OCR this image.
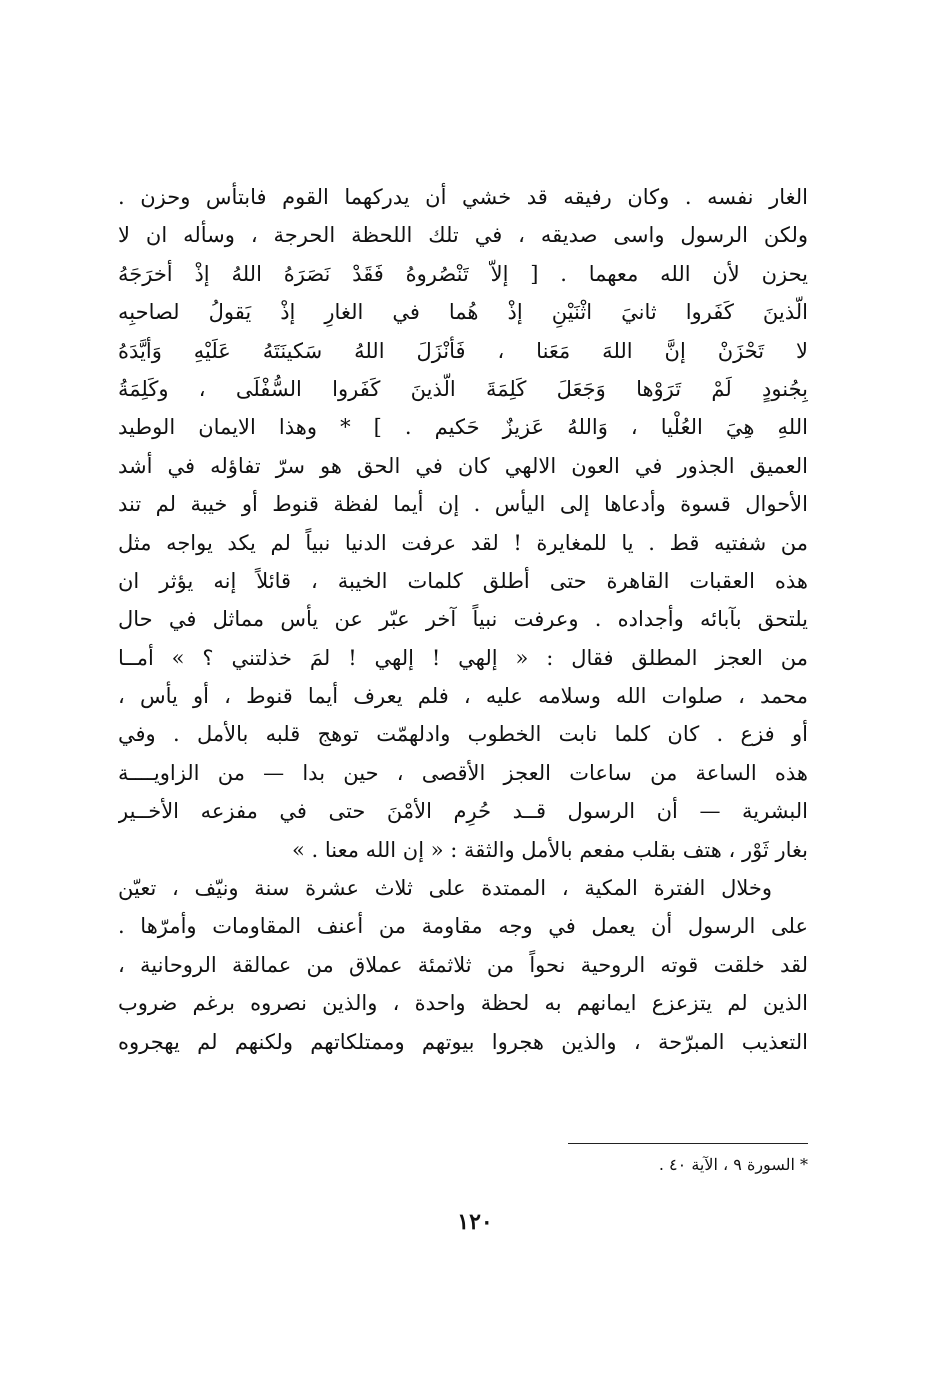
الغار نفسه . وكان رفيقه قد خشي أن يدركهما القوم فابتأس وحزن .
ولكن الرسول واسى صديقه ، في تلك اللحظة الحرجة ، وسأله ان لا
يحزن لأن الله معهما . [ إلاّ تَنْصُروهُ فَقَدْ نَصَرَهُ اللهُ إذْ أخرَجَهُ
الّذينَ كَفَروا ثانيَ اثْنَيْنِ إذْ هُما في الغارِ إذْ يَقولُ لصاحبِه
لا تَحْزَنْ إنَّ اللهَ مَعَنا ، فَأنْزَلَ اللهُ سَكينَتَهُ عَلَيْهِ وَأيَّدَهُ
بِجُنودٍ لَمْ تَرَوْها وَجَعَلَ كَلِمَةَ الّذينَ كَفَروا السُّفْلَى ، وكَلِمَةُ
اللهِ هِيَ العُلْيا ، وَاللهُ عَزيزٌ حَكيم . ] * وهذا الايمان الوطيد
العميق الجذور في العون الالهي كان في الحق هو سرّ تفاؤله في أشد
الأحوال قسوة وأدعاها إلى اليأس . إن أيما لفظة قنوط أو خيبة لم تند
من شفتيه قط . يا للمغايرة ! لقد عرفت الدنيا نبياً لم يكد يواجه مثل
هذه العقبات القاهرة حتى أطلق كلمات الخيبة ، قائلاً إنه يؤثر ان
يلتحق بآبائه وأجداده . وعرفت نبياً آخر عبّر عن يأس مماثل في حال
من العجز المطلق فقال : « إلهي ! إلهي ! لمَ خذلتني ؟ » أمــا
محمد ، صلوات الله وسلامه عليه ، فلم يعرف أيما قنوط ، أو يأس ،
أو فزع . كان كلما نابت الخطوب وادلهمّت توهج قلبه بالأمل . وفي
هذه الساعة من ساعات العجز الأقصى ، حين بدا — من الزاويــــة
البشرية — أن الرسول قــد حُرِم الأمْنَ حتى في مفزعه الأخــير
بغار ثَوْر ، هتف بقلب مفعم بالأمل والثقة : « إن الله معنا . »
وخلال الفترة المكية ، الممتدة على ثلاث عشرة سنة ونيّف ، تعيّن
على الرسول أن يعمل في وجه مقاومة من أعنف المقاومات وأمرّها .
لقد خلقت قوته الروحية نحواً من ثلاثمئة عملاق من عمالقة الروحانية ،
الذين لم يتزعزع ايمانهم به لحظة واحدة ، والذين نصروه برغم ضروب
التعذيب المبرّحة ، والذين هجروا بيوتهم وممتلكاتهم ولكنهم لم يهجروه
* السورة ٩ ، الآية ٤٠ .
١٢٠
